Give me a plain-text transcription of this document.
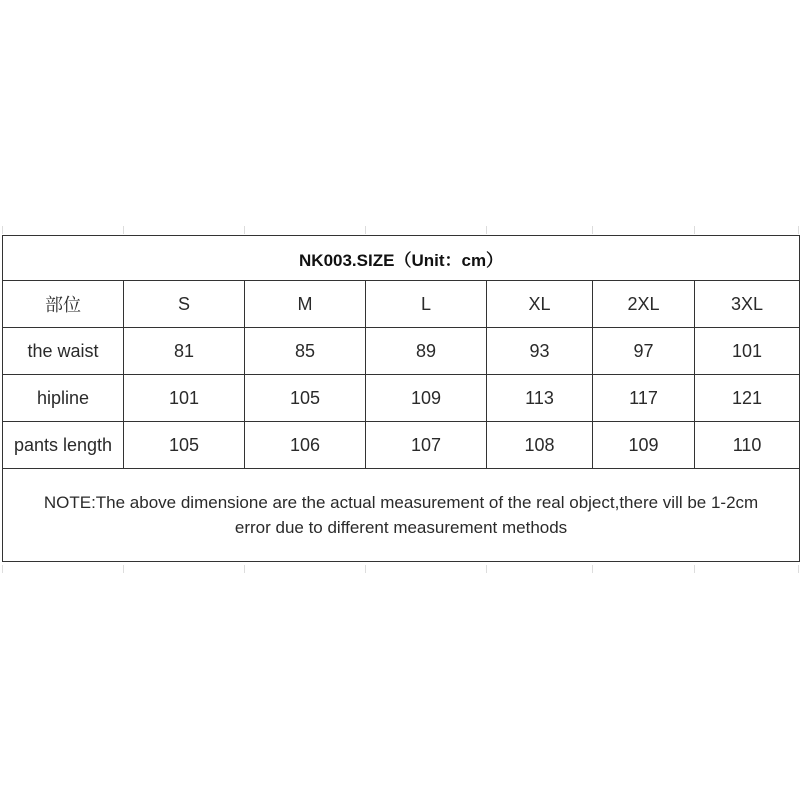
NK003.SIZE（Unit：cm）						
部位	S	M	L	XL	2XL	3XL
the waist	81	85	89	93	97	101
hipline	101	105	109	113	117	121
pants length	105	106	107	108	109	110

NOTE:The above dimensione are the actual measurement of the real object,there vill be 1-2cm
error due to different measurement methods						
